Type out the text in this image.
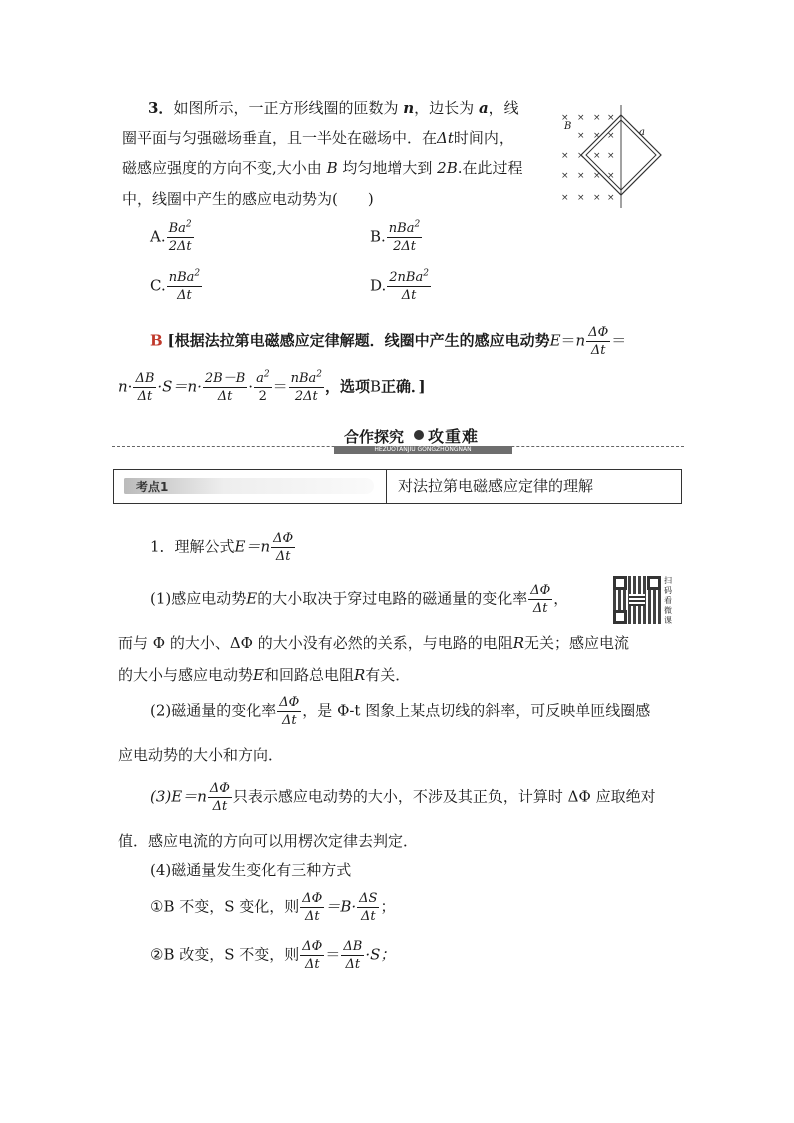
3．如图所示，一正方形线圈的匝数为 n，边长为 a，线
圈平面与匀强磁场垂直，且一半处在磁场中．在Δt时间内，
磁感应强度的方向不变,大小由 B 均匀地增大到 2B.在此过程
中，线圈中产生的感应电动势为(　　)
× × × ×
× × ×
× × × ×
× × × ×
× × × ×
B
a
A. $\frac{Ba^2}{2\Delta t}$	B. $\frac{nBa^2}{2\Delta t}$
C. $\frac{nBa^2}{\Delta t}$	D. $\frac{2nBa^2}{\Delta t}$
B [根据法拉第电磁感应定律解题．线圈中产生的感应电动势$E=n \frac{\Delta\Phi}{\Delta t}$ ＝
$n\cdot \frac{\Delta B}{\Delta t} \cdot S=n\cdot \frac{2B-B}{\Delta t} \cdot \frac{a^2}{2} = \frac{nBa^2}{2\Delta t}$ ，选项B正确．]
合作探究 攻重难
HEZUOTANJIU GONGZHONGNAN
考点1	对法拉第电磁感应定律的理解
1．理解公式$E=n \frac{\Delta\Phi}{\Delta t}$
(1)感应电动势E的大小取决于穿过电路的磁通量的变化率 $\frac{\Delta\Phi}{\Delta t}$ ，
扫码看微课
而与 Φ 的大小、ΔΦ 的大小没有必然的关系，与电路的电阻R无关；感应电流
的大小与感应电动势E和回路总电阻R有关．
(2)磁通量的变化率 $\frac{\Delta\Phi}{\Delta t}$ ，是 Φ-t 图象上某点切线的斜率，可反映单匝线圈感
应电动势的大小和方向．
$(3)E=n \frac{\Delta\Phi}{\Delta t}$ 只表示感应电动势的大小，不涉及其正负，计算时 ΔΦ 应取绝对
值．感应电流的方向可以用楞次定律去判定．
(4)磁通量发生变化有三种方式
①B 不变，S 变化，则 $\frac{\Delta\Phi}{\Delta t} =B\cdot \frac{\Delta S}{\Delta t}$ ；
②B 改变，S 不变，则 $\frac{\Delta\Phi}{\Delta t} = \frac{\Delta B}{\Delta t} \cdot S$；
